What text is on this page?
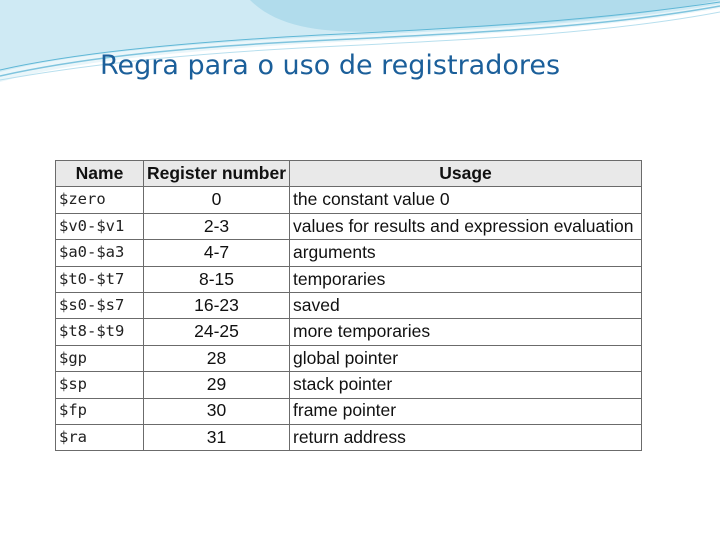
Regra para o uso de registradores
Name	Register number	Usage
$zero	0	the constant value 0
$v0-$v1	2-3	values for results and expression evaluation
$a0-$a3	4-7	arguments
$t0-$t7	8-15	temporaries
$s0-$s7	16-23	saved
$t8-$t9	24-25	more temporaries
$gp	28	global pointer
$sp	29	stack pointer
$fp	30	frame pointer
$ra	31	return address
